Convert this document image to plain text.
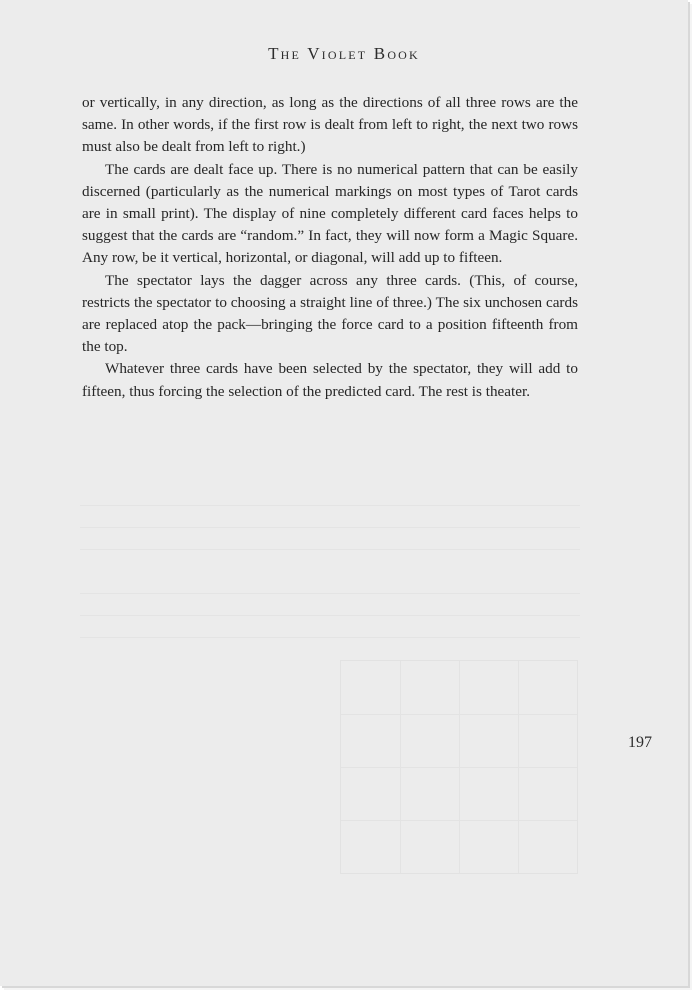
The Violet Book

or vertically, in any direction, as long as the directions of all three rows are the same. In other words, if the first row is dealt from left to right, the next two rows must also be dealt from left to right.)

The cards are dealt face up. There is no numerical pattern that can be easily discerned (particularly as the numerical markings on most types of Tarot cards are in small print). The display of nine completely different card faces helps to suggest that the cards are “random.” In fact, they will now form a Magic Square. Any row, be it vertical, horizontal, or diagonal, will add up to fifteen.

The spectator lays the dagger across any three cards. (This, of course, restricts the spectator to choosing a straight line of three.) The six unchosen cards are replaced atop the pack—bringing the force card to a position fifteenth from the top.

Whatever three cards have been selected by the spectator, they will add to fifteen, thus forcing the selection of the predicted card. The rest is theater.

197
